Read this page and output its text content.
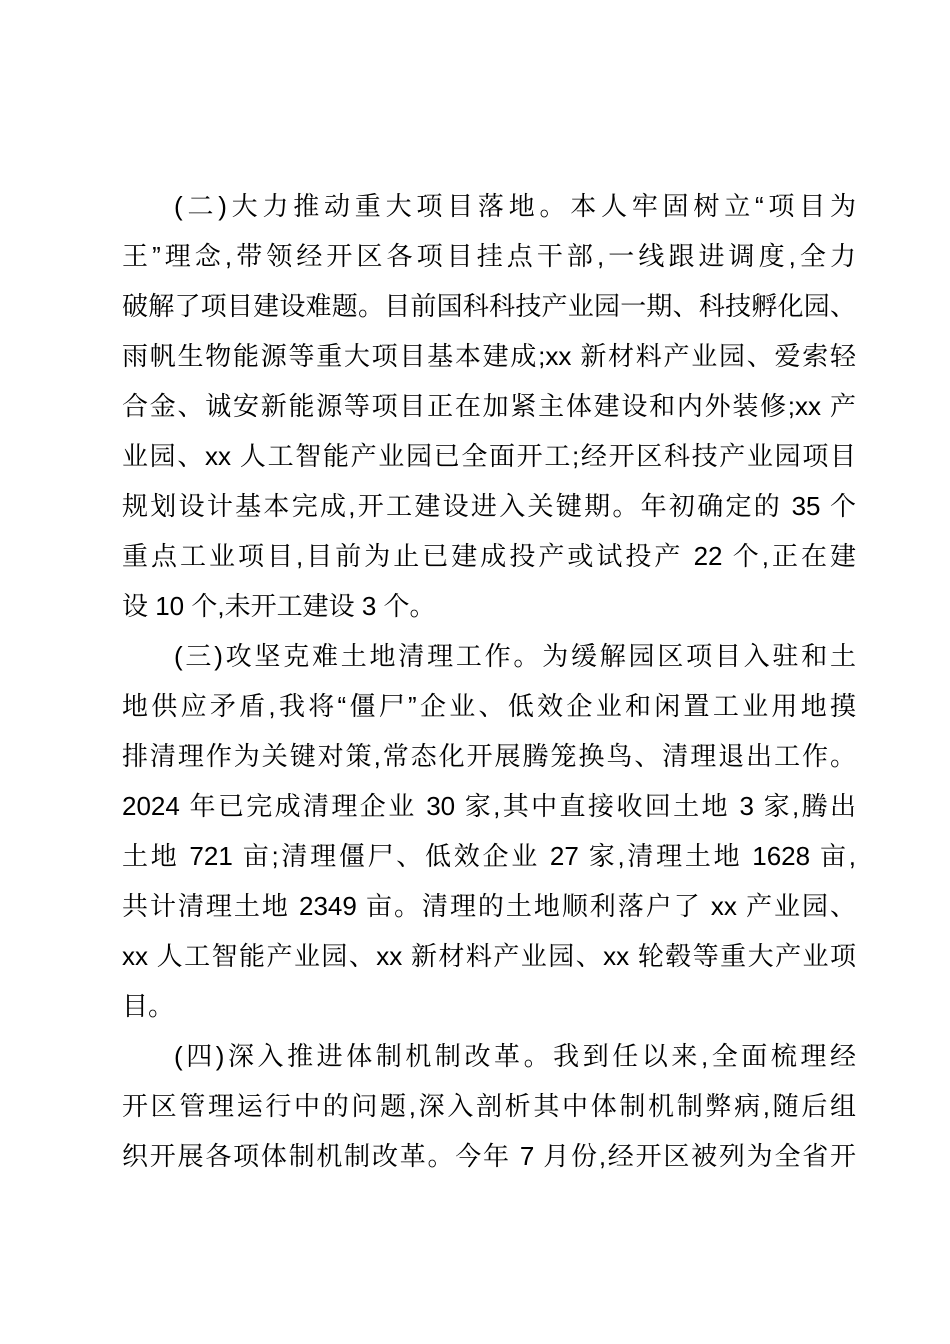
(二)大力推动重大项目落地。本人牢固树立“项目为
王”理念,带领经开区各项目挂点干部,一线跟进调度,全力
破解了项目建设难题。目前国科科技产业园一期、科技孵化园、
雨帆生物能源等重大项目基本建成;xx 新材料产业园、爱索轻
合金、诚安新能源等项目正在加紧主体建设和内外装修;xx 产
业园、xx 人工智能产业园已全面开工;经开区科技产业园项目
规划设计基本完成,开工建设进入关键期。年初确定的 35 个
重点工业项目,目前为止已建成投产或试投产 22 个,正在建
设 10 个,未开工建设 3 个。
(三)攻坚克难土地清理工作。为缓解园区项目入驻和土
地供应矛盾,我将“僵尸”企业、低效企业和闲置工业用地摸
排清理作为关键对策,常态化开展腾笼换鸟、清理退出工作。
2024 年已完成清理企业 30 家,其中直接收回土地 3 家,腾出
土地 721 亩;清理僵尸、低效企业 27 家,清理土地 1628 亩,
共计清理土地 2349 亩。清理的土地顺利落户了 xx 产业园、
xx 人工智能产业园、xx 新材料产业园、xx 轮毂等重大产业项
目。
(四)深入推进体制机制改革。我到任以来,全面梳理经
开区管理运行中的问题,深入剖析其中体制机制弊病,随后组
织开展各项体制机制改革。今年 7 月份,经开区被列为全省开
